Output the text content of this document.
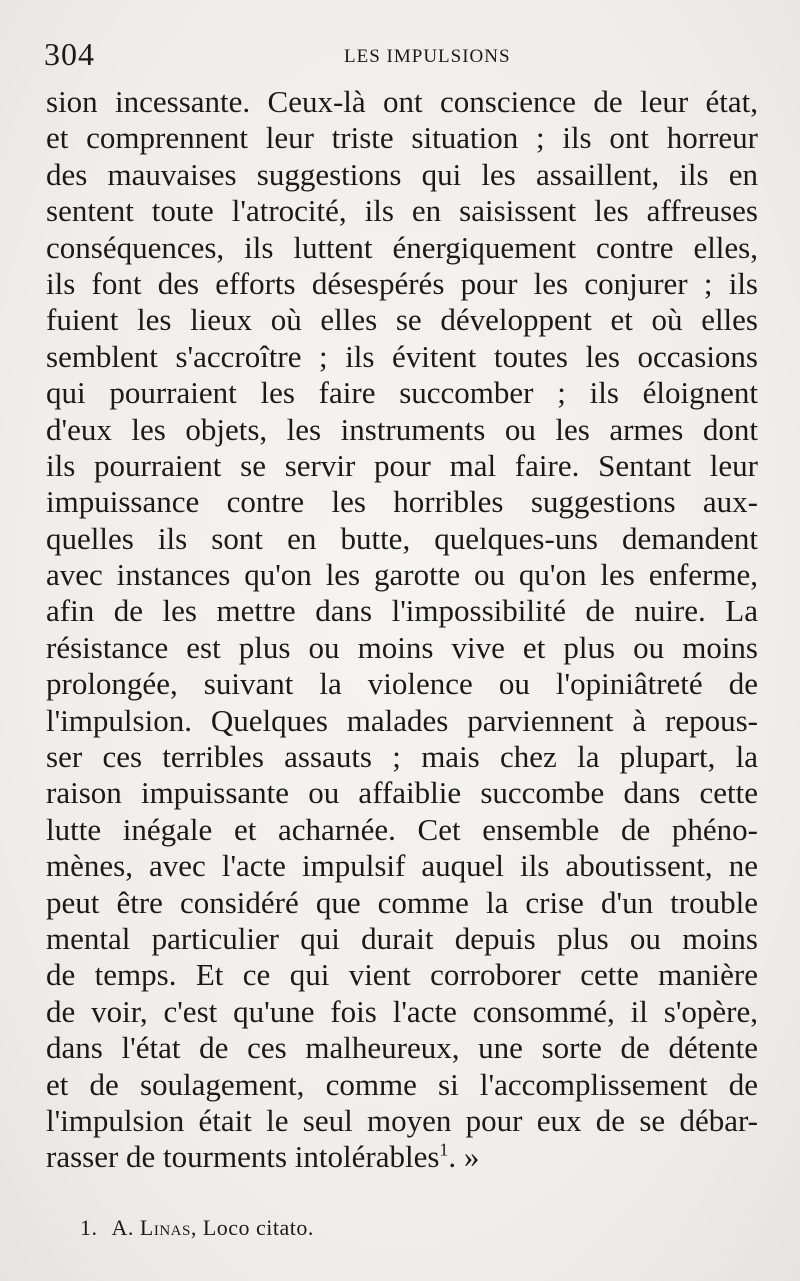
304	LES IMPULSIONS
sion incessante. Ceux-là ont conscience de leur état,
et comprennent leur triste situation ; ils ont horreur
des mauvaises suggestions qui les assaillent, ils en
sentent toute l'atrocité, ils en saisissent les affreuses
conséquences, ils luttent énergiquement contre elles,
ils font des efforts désespérés pour les conjurer ; ils
fuient les lieux où elles se développent et où elles
semblent s'accroître ; ils évitent toutes les occasions
qui pourraient les faire succomber ; ils éloignent
d'eux les objets, les instruments ou les armes dont
ils pourraient se servir pour mal faire. Sentant leur
impuissance contre les horribles suggestions aux-
quelles ils sont en butte, quelques-uns demandent
avec instances qu'on les garotte ou qu'on les enferme,
afin de les mettre dans l'impossibilité de nuire. La
résistance est plus ou moins vive et plus ou moins
prolongée, suivant la violence ou l'opiniâtreté de
l'impulsion. Quelques malades parviennent à repous-
ser ces terribles assauts ; mais chez la plupart, la
raison impuissante ou affaiblie succombe dans cette
lutte inégale et acharnée. Cet ensemble de phéno-
mènes, avec l'acte impulsif auquel ils aboutissent, ne
peut être considéré que comme la crise d'un trouble
mental particulier qui durait depuis plus ou moins
de temps. Et ce qui vient corroborer cette manière
de voir, c'est qu'une fois l'acte consommé, il s'opère,
dans l'état de ces malheureux, une sorte de détente
et de soulagement, comme si l'accomplissement de
l'impulsion était le seul moyen pour eux de se débar-
rasser de tourments intolérables$^1$. »
1. A. Linas, Loco citato.
